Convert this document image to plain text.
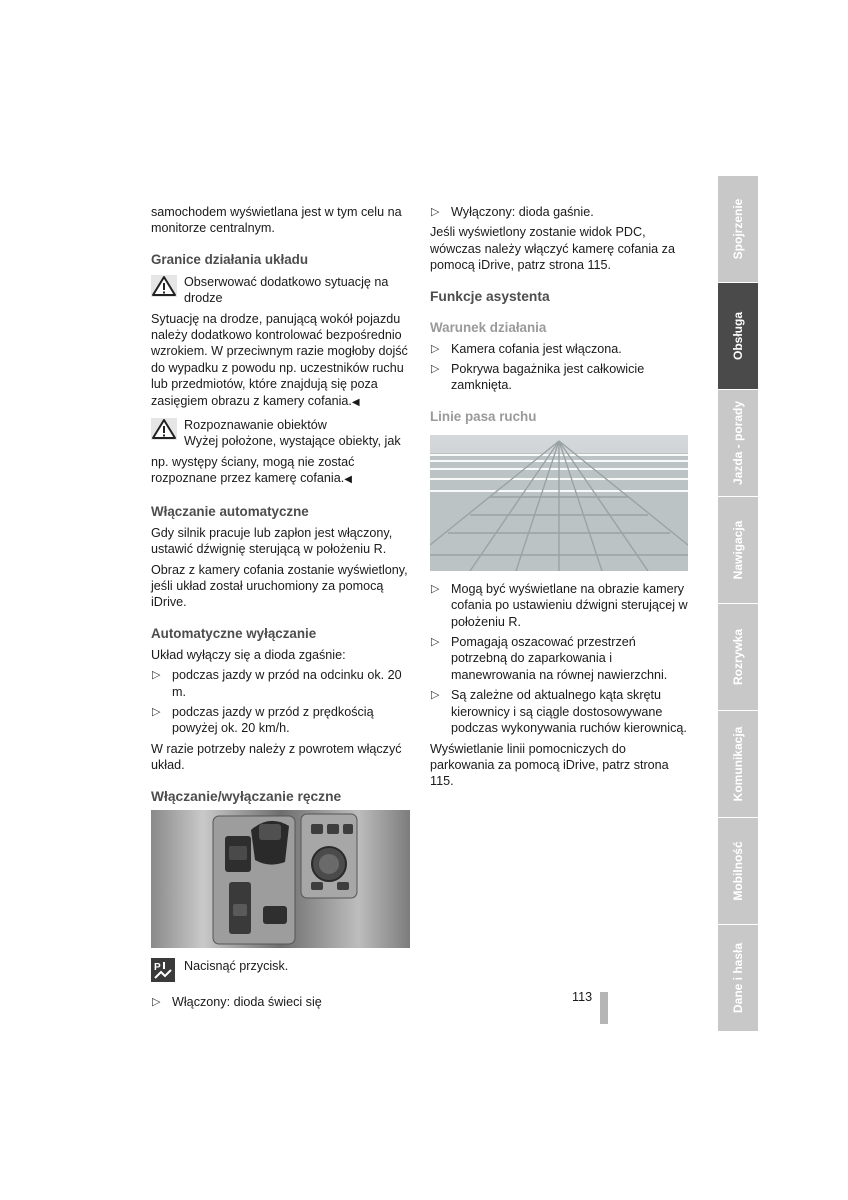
samochodem wyświetlana jest w tym celu na monitorze centralnym.

Granice działania układu
Obserwować dodatkowo sytuację na drodze

Sytuację na drodze, panującą wokół pojazdu należy dodatkowo kontrolować bezpośrednio wzrokiem. W przeciwnym razie mogłoby dojść do wypadku z powodu np. uczestników ruchu lub przedmiotów, które znajdują się poza zasięgiem obrazu z kamery cofania.◀

Rozpoznawanie obiektów
Wyżej położone, wystające obiekty, jak

np. występy ściany, mogą nie zostać rozpoznane przez kamerę cofania.◀

Włączanie automatyczne

Gdy silnik pracuje lub zapłon jest włączony, ustawić dźwignię sterującą w położeniu R.

Obraz z kamery cofania zostanie wyświetlony, jeśli układ został uruchomiony za pomocą iDrive.

Automatyczne wyłączanie

Układ wyłączy się a dioda zgaśnie:

▷ podczas jazdy w przód na odcinku ok. 20 m.
▷ podczas jazdy w przód z prędkością powyżej ok. 20 km/h.

W razie potrzeby należy z powrotem włączyć układ.

Włączanie/wyłączanie ręczne
P Nacisnąć przycisk.
▷ Włączony: dioda świeci się
▷ Wyłączony: dioda gaśnie.

Jeśli wyświetlony zostanie widok PDC, wówczas należy włączyć kamerę cofania za pomocą iDrive, patrz strona 115.

Funkcje asystenta
Warunek działania
▷ Kamera cofania jest włączona.
▷ Pokrywa bagażnika jest całkowicie zamknięta.
Linie pasa ruchu
▷ Mogą być wyświetlane na obrazie kamery cofania po ustawieniu dźwigni sterującej w położeniu R.
▷ Pomagają oszacować przestrzeń potrzebną do zaparkowania i manewrowania na równej nawierzchni.
▷ Są zależne od aktualnego kąta skrętu kierownicy i są ciągle dostosowywane podczas wykonywania ruchów kierownicą.

Wyświetlanie linii pomocniczych do parkowania za pomocą iDrive, patrz strona 115.

113
Spojrzenie
Obsługa
Jazda - porady
Nawigacja
Rozrywka
Komunikacja
Mobilność
Dane i hasła
